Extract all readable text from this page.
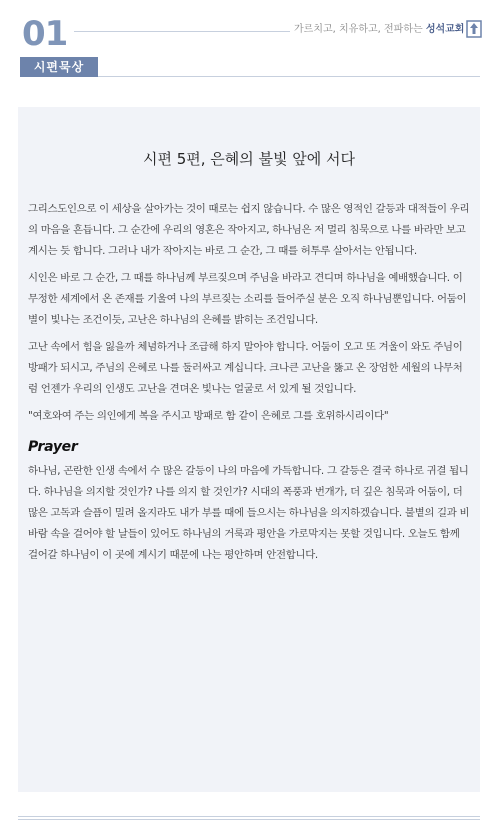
01	가르치고, 치유하고, 전파하는 성석교회
시편묵상
시편 5편, 은혜의 불빛 앞에 서다

그리스도인으로 이 세상을 살아가는 것이 때로는 쉽지 않습니다. 수 많은 영적인 갈등과 대적들이 우리의 마음을 흔듭니다. 그 순간에 우리의 영혼은 작아지고, 하나님은 저 멀리 침묵으로 나를 바라만 보고 계시는 듯 합니다. 그러나 내가 작아지는 바로 그 순간, 그 때를 허투루 살아서는 안됩니다.

시인은 바로 그 순간, 그 때를 하나님께 부르짖으며 주님을 바라고 견디며 하나님을 예배했습니다. 이 무정한 세계에서 온 존재를 기울여 나의 부르짖는 소리를 들어주실 분은 오직 하나님뿐입니다. 어둠이 별이 빛나는 조건이듯, 고난은 하나님의 은혜를 밝히는 조건입니다.

고난 속에서 힘을 잃을까 체념하거나 조급해 하지 말아야 합니다. 어둠이 오고 또 겨울이 와도 주님이 방패가 되시고, 주님의 은혜로 나를 둘러싸고 계십니다. 크나큰 고난을 뚫고 온 장엄한 세월의 나무처럼 언젠가 우리의 인생도 고난을 견뎌온 빛나는 얼굴로 서 있게 될 것입니다.

"여호와여 주는 의인에게 복을 주시고 방패로 함 같이 은혜로 그를 호위하시리이다"

Prayer

하나님, 곤란한 인생 속에서 수 많은 갈등이 나의 마음에 가득합니다. 그 갈등은 결국 하나로 귀결 됩니다. 하나님을 의지할 것인가? 나를 의지 할 것인가? 시대의 폭풍과 번개가, 더 깊은 침묵과 어둠이, 더 많은 고독과 슬픔이 밀려 올지라도 내가 부를 때에 들으시는 하나님을 의지하겠습니다. 불볕의 길과 비바람 속을 걸어야 할 날들이 있어도 하나님의 거룩과 평안을 가로막지는 못할 것입니다. 오늘도 함께 걸어갈 하나님이 이 곳에 계시기 때문에 나는 평안하며 안전합니다.
